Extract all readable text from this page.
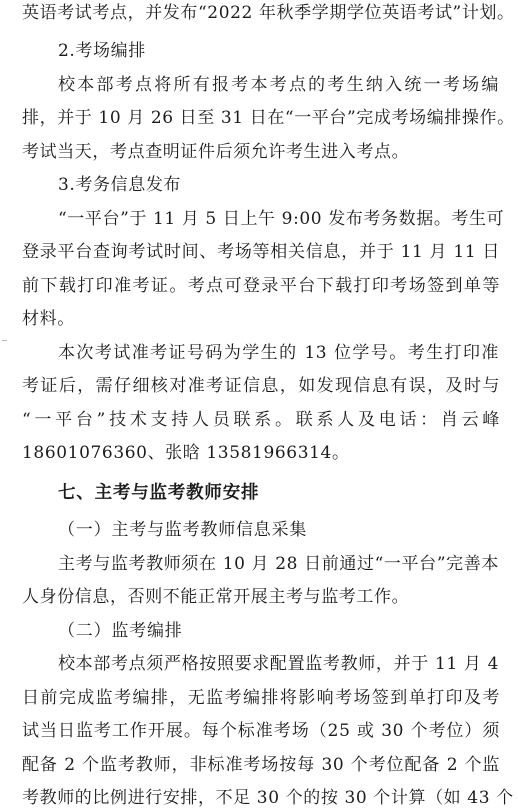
英语考试考点，并发布“2022 年秋季学期学位英语考试”计划。
2.考场编排
校本部考点将所有报考本考点的考生纳入统一考场编
排，并于 10 月 26 日至 31 日在“一平台”完成考场编排操作。
考试当天，考点查明证件后须允许考生进入考点。
3.考务信息发布
“一平台”于 11 月 5 日上午 9:00 发布考务数据。考生可
登录平台查询考试时间、考场等相关信息，并于 11 月 11 日
前下载打印准考证。考点可登录平台下载打印考场签到单等
材料。
本次考试准考证号码为学生的 13 位学号。考生打印准
考证后，需仔细核对准考证信息，如发现信息有误，及时与
“一平台”技术支持人员联系。联系人及电话：肖云峰
18601076360、张晗 13581966314。
七、主考与监考教师安排
（一）主考与监考教师信息采集
主考与监考教师须在 10 月 28 日前通过“一平台”完善本
人身份信息，否则不能正常开展主考与监考工作。
（二）监考编排
校本部考点须严格按照要求配置监考教师，并于 11 月 4
日前完成监考编排，无监考编排将影响考场签到单打印及考
试当日监考工作开展。每个标准考场（25 或 30 个考位）须
配备 2 个监考教师，非标准考场按每 30 个考位配备 2 个监
考教师的比例进行安排，不足 30 个的按 30 个计算（如 43 个
